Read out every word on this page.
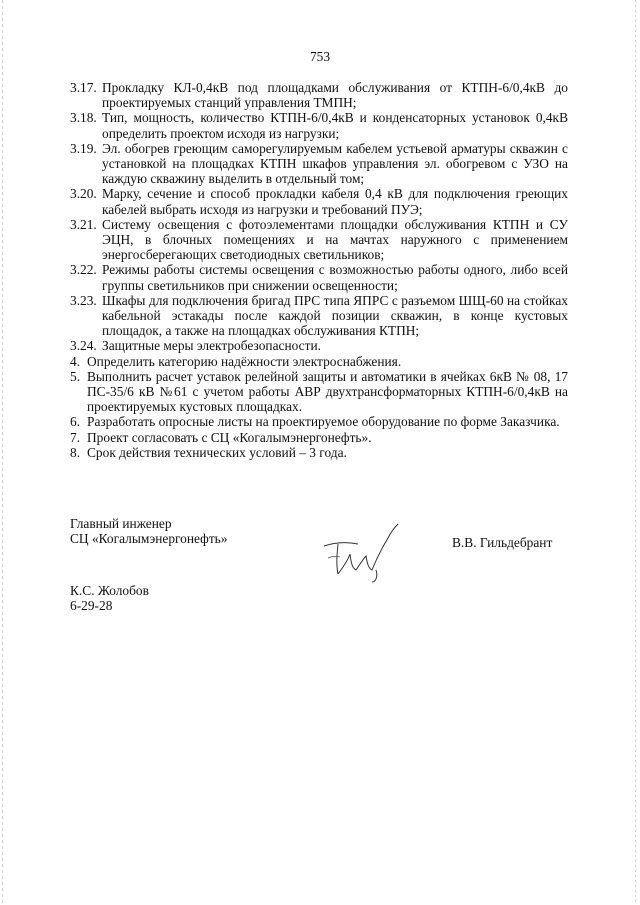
753
3.17. Прокладку КЛ-0,4кВ под площадками обслуживания от КТПН-6/0,4кВ до проектируемых станций управления ТМПН;
3.18. Тип, мощность, количество КТПН-6/0,4кВ и конденсаторных установок 0,4кВ определить проектом исходя из нагрузки;
3.19. Эл. обогрев греющим саморегулируемым кабелем устьевой арматуры скважин с установкой на площадках КТПН шкафов управления эл. обогревом с УЗО на каждую скважину выделить в отдельный том;
3.20. Марку, сечение и способ прокладки кабеля 0,4 кВ для подключения греющих кабелей выбрать исходя из нагрузки и требований ПУЭ;
3.21. Систему освещения с фотоэлементами площадки обслуживания КТПН и СУ ЭЦН, в блочных помещениях и на мачтах наружного с применением энергосберегающих светодиодных светильников;
3.22. Режимы работы системы освещения с возможностью работы одного, либо всей группы светильников при снижении освещенности;
3.23. Шкафы для подключения бригад ПРС типа ЯПРС с разъемом ШЩ-60 на стойках кабельной эстакады после каждой позиции скважин, в конце кустовых площадок, а также на площадках обслуживания КТПН;
3.24. Защитные меры электробезопасности.
4. Определить категорию надёжности электроснабжения.
5. Выполнить расчет уставок релейной защиты и автоматики в ячейках 6кВ № 08, 17 ПС-35/6 кВ №61 с учетом работы АВР двухтрансформаторных КТПН-6/0,4кВ на проектируемых кустовых площадках.
6. Разработать опросные листы на проектируемое оборудование по форме Заказчика.
7. Проект согласовать с СЦ «Когалымэнергонефть».
8. Срок действия технических условий – 3 года.
Главный инженер
СЦ «Когалымэнергонефть»	В.В. Гильдебрант
К.С. Жолобов
6-29-28
